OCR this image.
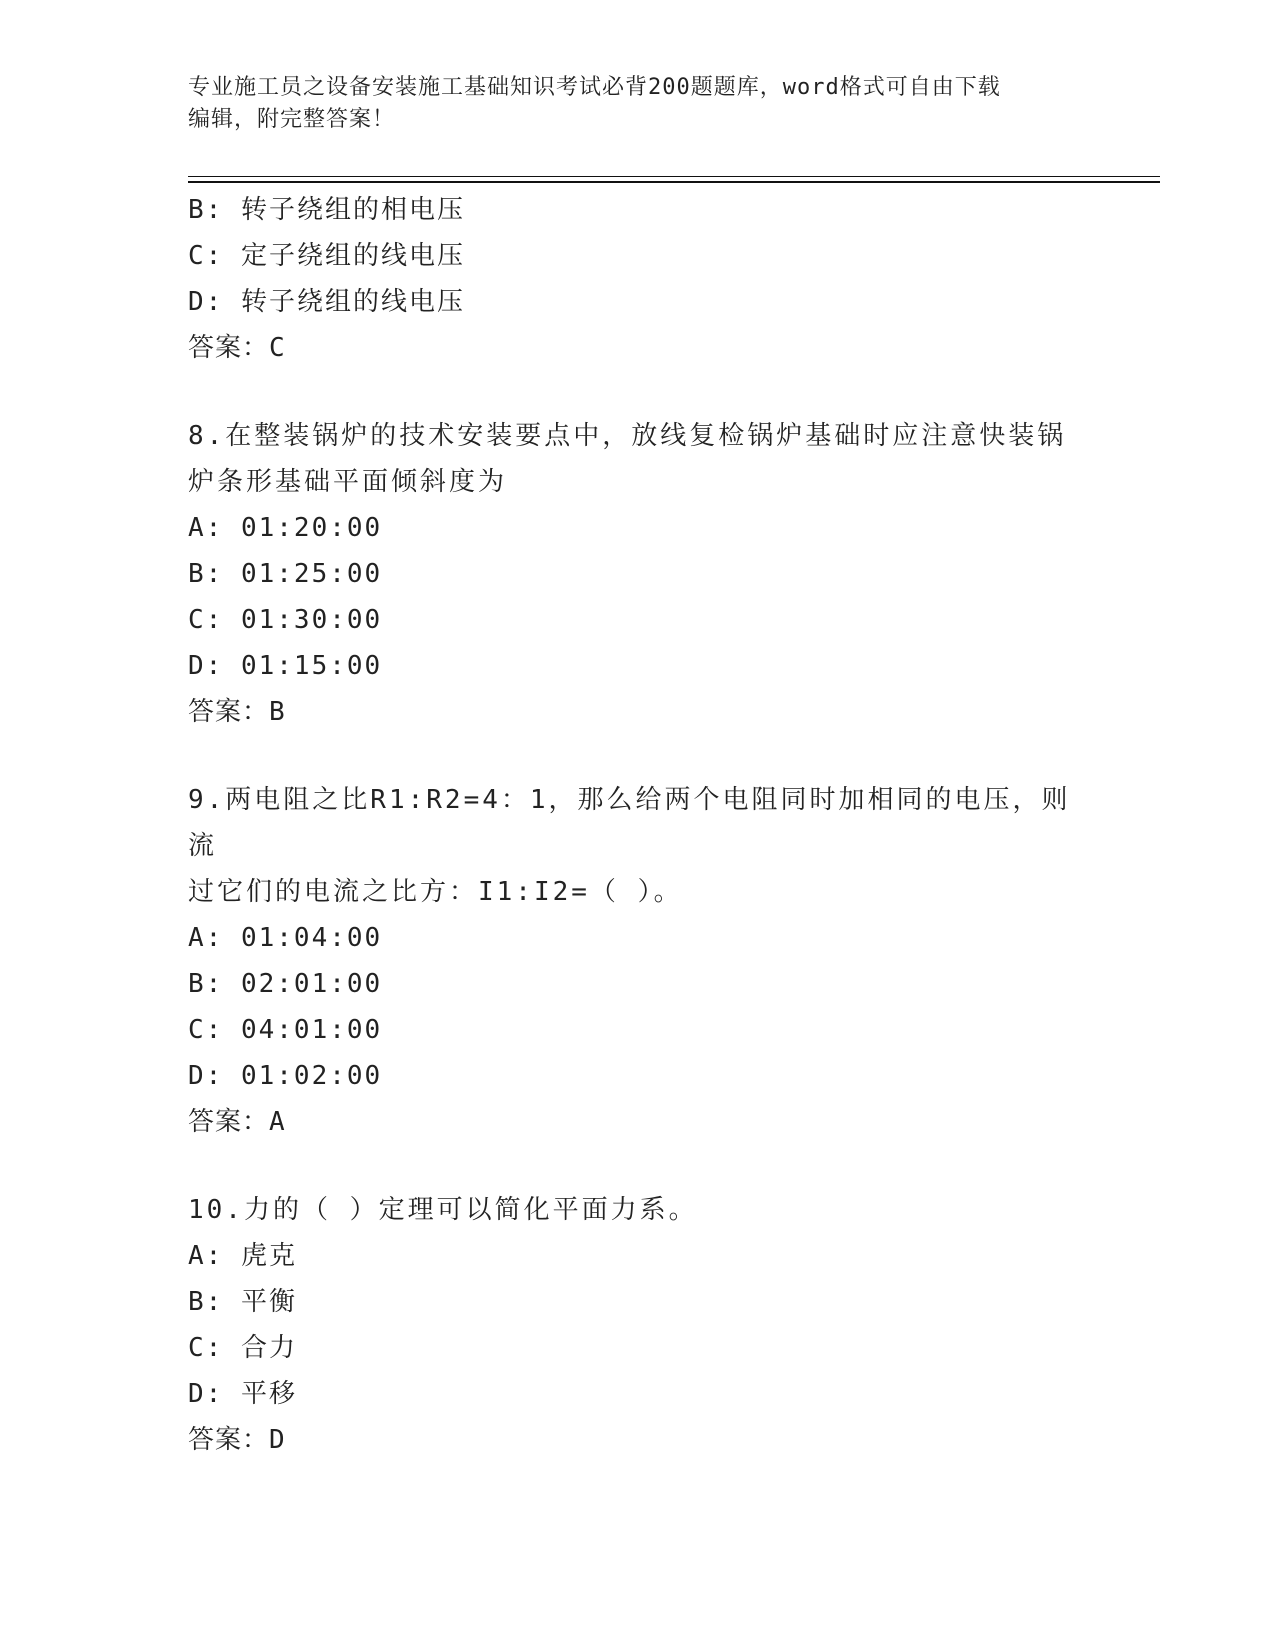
专业施工员之设备安装施工基础知识考试必背200题题库，word格式可自由下载
编辑，附完整答案！
B: 转子绕组的相电压
C: 定子绕组的线电压
D: 转子绕组的线电压
答案：C
8.在整装锅炉的技术安装要点中，放线复检锅炉基础时应注意快装锅
炉条形基础平面倾斜度为
A: 01:20:00
B: 01:25:00
C: 01:30:00
D: 01:15:00
答案：B
9.两电阻之比R1:R2=4：1，那么给两个电阻同时加相同的电压，则流
过它们的电流之比方：I1:I2=（ ）。
A: 01:04:00
B: 02:01:00
C: 04:01:00
D: 01:02:00
答案：A
10.力的（ ）定理可以简化平面力系。
A: 虎克
B: 平衡
C: 合力
D: 平移
答案：D
